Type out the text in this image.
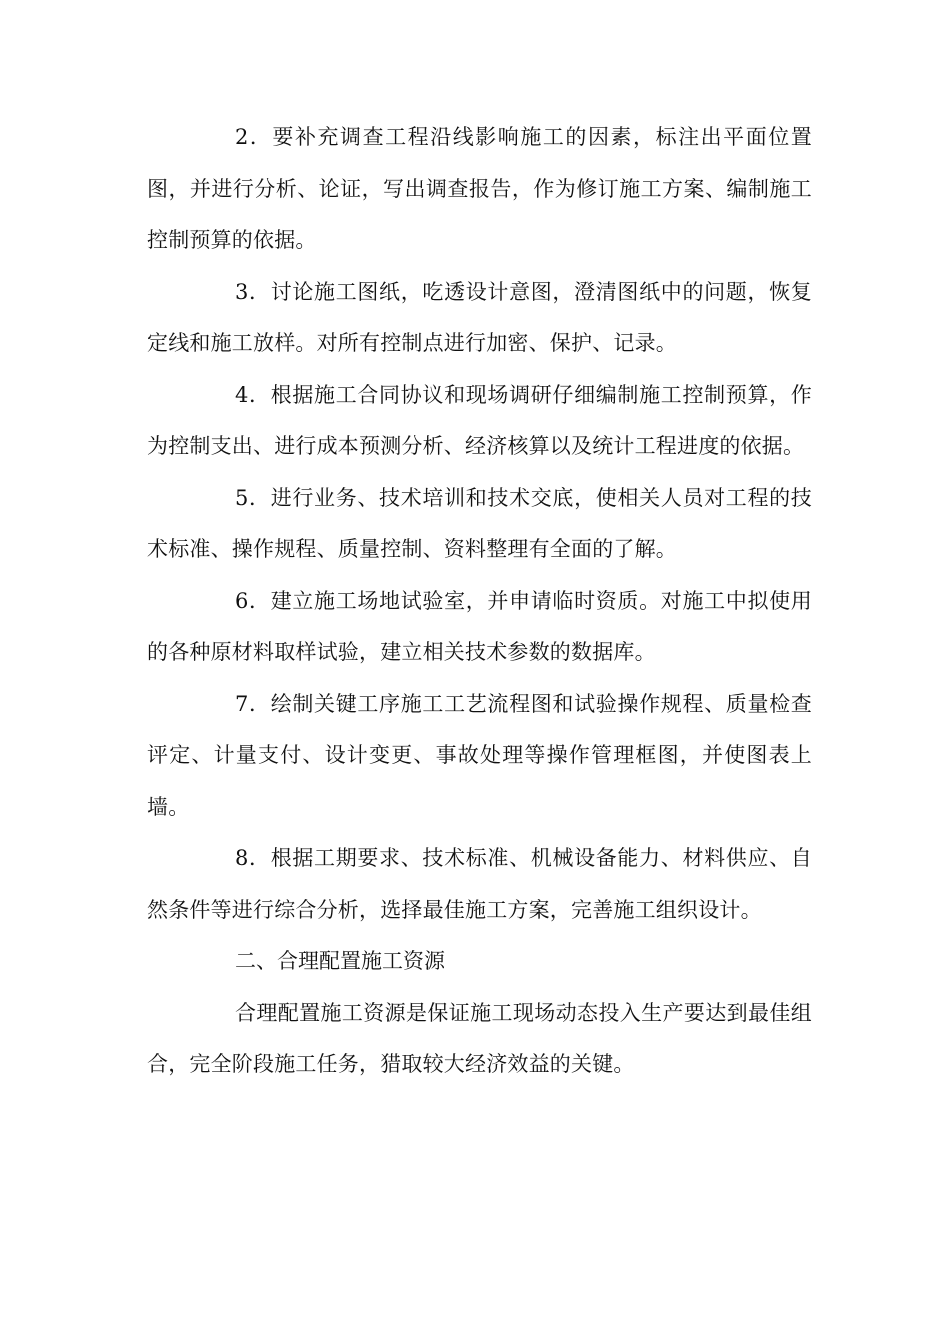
2．要补充调查工程沿线影响施工的因素，标注出平面位置图，并进行分析、论证，写出调查报告，作为修订施工方案、编制施工控制预算的依据。

3．讨论施工图纸，吃透设计意图，澄清图纸中的问题，恢复定线和施工放样。对所有控制点进行加密、保护、记录。

4．根据施工合同协议和现场调研仔细编制施工控制预算，作为控制支出、进行成本预测分析、经济核算以及统计工程进度的依据。

5．进行业务、技术培训和技术交底，使相关人员对工程的技术标准、操作规程、质量控制、资料整理有全面的了解。

6．建立施工场地试验室，并申请临时资质。对施工中拟使用的各种原材料取样试验，建立相关技术参数的数据库。

7．绘制关键工序施工工艺流程图和试验操作规程、质量检查评定、计量支付、设计变更、事故处理等操作管理框图，并使图表上墙。

8．根据工期要求、技术标准、机械设备能力、材料供应、自然条件等进行综合分析，选择最佳施工方案，完善施工组织设计。

二、合理配置施工资源

合理配置施工资源是保证施工现场动态投入生产要达到最佳组合，完全阶段施工任务，猎取较大经济效益的关键。
